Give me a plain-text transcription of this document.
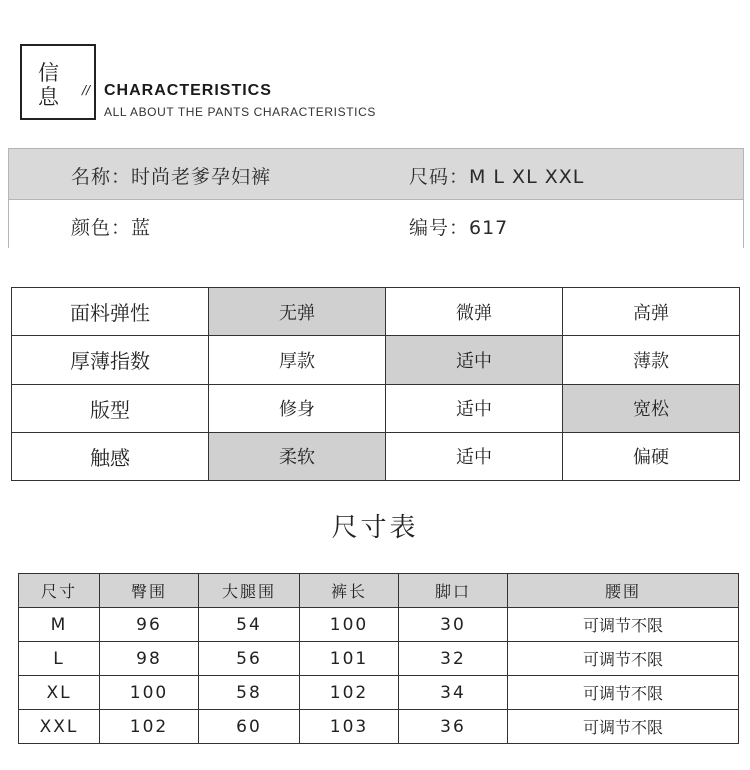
信
息 // CHARACTERISTICS
ALL ABOUT THE PANTS CHARACTERISTICS
名称：时尚老爹孕妇裤	尺码：M L XL XXL
颜色：蓝	编号：617
面料弹性	无弹	微弹	高弹
厚薄指数	厚款	适中	薄款
版型	修身	适中	宽松
触感	柔软	适中	偏硬
尺寸表
尺寸	臀围	大腿围	裤长	脚口	腰围
M	96	54	100	30	可调节不限
L	98	56	101	32	可调节不限
XL	100	58	102	34	可调节不限
XXL	102	60	103	36	可调节不限
